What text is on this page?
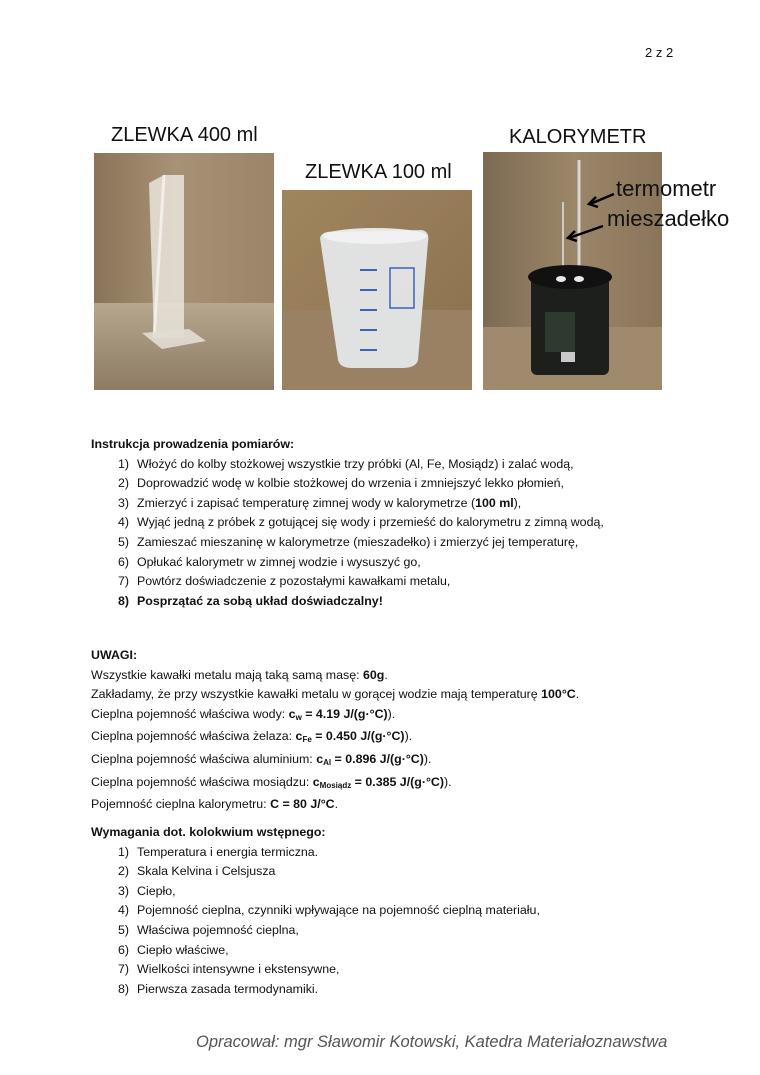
2 z 2
ZLEWKA 400 ml
ZLEWKA 100 ml
KALORYMETR
termometr
mieszadełko
Instrukcja prowadzenia pomiarów:
1) Włożyć do kolby stożkowej wszystkie trzy próbki (Al, Fe, Mosiądz) i zalać wodą,
2) Doprowadzić wodę w kolbie stożkowej do wrzenia i zmniejszyć lekko płomień,
3) Zmierzyć i zapisać temperaturę zimnej wody w kalorymetrze (100 ml),
4) Wyjąć jedną z próbek z gotującej się wody i przemieść do kalorymetru z zimną wodą,
5) Zamieszać mieszaninę w kalorymetrze (mieszadełko) i zmierzyć jej temperaturę,
6) Opłukać kalorymetr w zimnej wodzie i wysuszyć go,
7) Powtórz doświadczenie z pozostałymi kawałkami metalu,
8) Posprzątać za sobą układ doświadczalny!
UWAGI:
Wszystkie kawałki metalu mają taką samą masę: 60g.
Zakładamy, że przy wszystkie kawałki metalu w gorącej wodzie mają temperaturę 100°C.
Cieplna pojemność właściwa wody: $c_w = 4.19$ J/(g·°C)).
Cieplna pojemność właściwa żelaza: $c_{Fe} = 0.450$ J/(g·°C)).
Cieplna pojemność właściwa aluminium: $c_{Al} = 0.896$ J/(g·°C)).
Cieplna pojemność właściwa mosiądzu: $c_{Mosiądz} = 0.385$ J/(g·°C)).
Pojemność cieplna kalorymetru: C = 80 J/°C.
Wymagania dot. kolokwium wstępnego:
1) Temperatura i energia termiczna.
2) Skala Kelvina i Celsjusza
3) Ciepło,
4) Pojemność cieplna, czynniki wpływające na pojemność cieplną materiału,
5) Właściwa pojemność cieplna,
6) Ciepło właściwe,
7) Wielkości intensywne i ekstensywne,
8) Pierwsza zasada termodynamiki.
Opracował: mgr Sławomir Kotowski, Katedra Materiałoznawstwa
